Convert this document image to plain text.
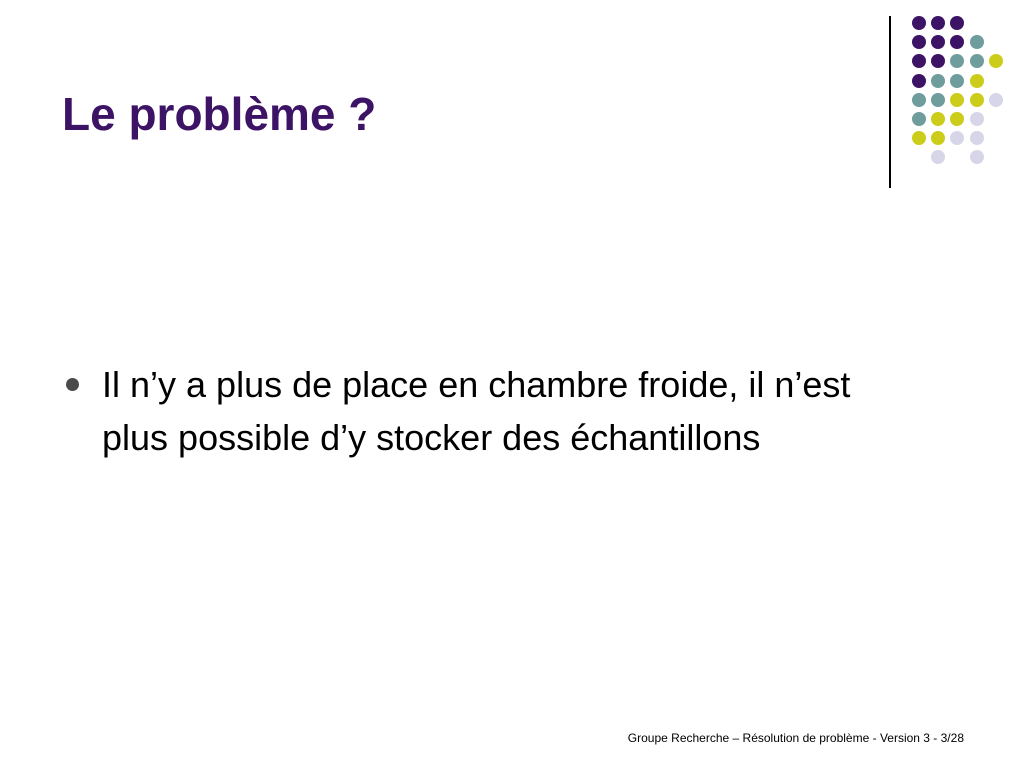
Le problème ?
Il n’y a plus de place en chambre froide, il n’est plus possible d’y stocker des échantillons
Groupe Recherche – Résolution de problème - Version 3 - 3/28
